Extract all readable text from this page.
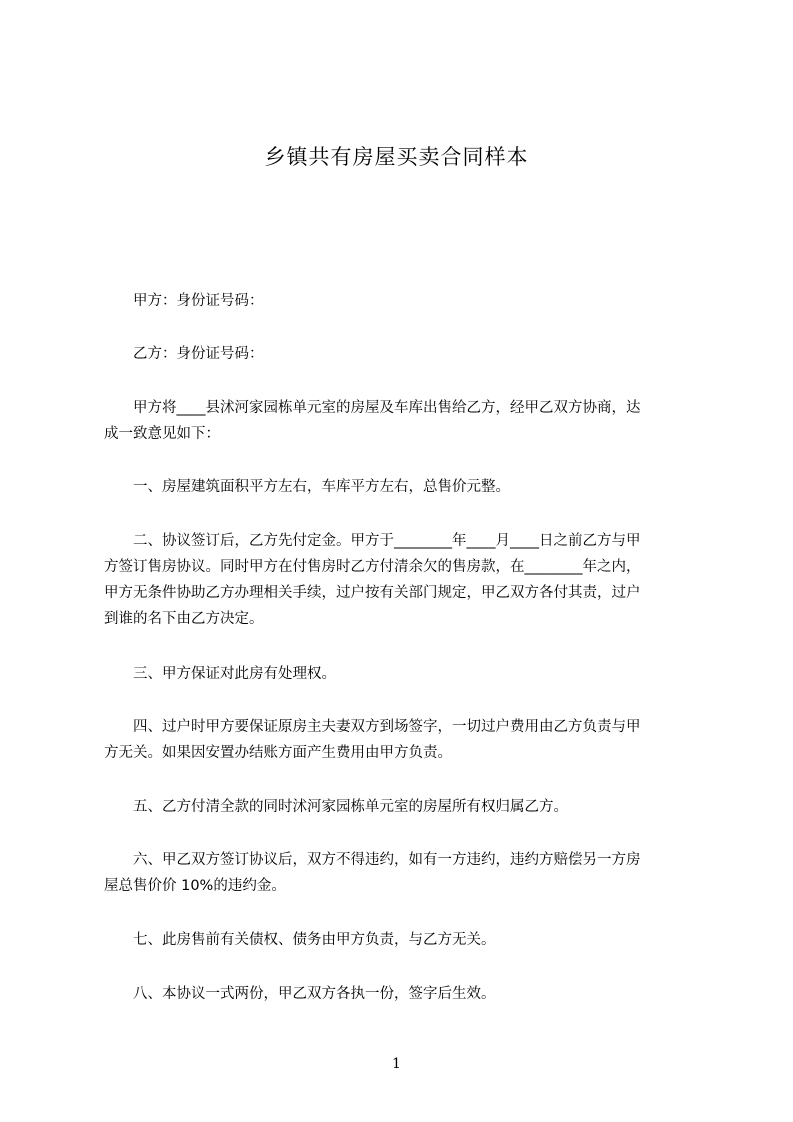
乡镇共有房屋买卖合同样本
　　甲方：身份证号码：
　　乙方：身份证号码：
　　甲方将____县沭河家园栋单元室的房屋及车库出售给乙方，经甲乙双方协商，达
成一致意见如下：
　　一、房屋建筑面积平方左右，车库平方左右，总售价元整。
　　二、协议签订后，乙方先付定金。甲方于________年____月____日之前乙方与甲
方签订售房协议。同时甲方在付售房时乙方付清余欠的售房款，在________年之内，
甲方无条件协助乙方办理相关手续，过户按有关部门规定，甲乙双方各付其责，过户
到谁的名下由乙方决定。
　　三、甲方保证对此房有处理权。
　　四、过户时甲方要保证原房主夫妻双方到场签字，一切过户费用由乙方负责与甲
方无关。如果因安置办结账方面产生费用由甲方负责。
　　五、乙方付清全款的同时沭河家园栋单元室的房屋所有权归属乙方。
　　六、甲乙双方签订协议后，双方不得违约，如有一方违约，违约方赔偿另一方房
屋总售价价 10%的违约金。
　　七、此房售前有关债权、债务由甲方负责，与乙方无关。
　　八、本协议一式两份，甲乙双方各执一份，签字后生效。
1
